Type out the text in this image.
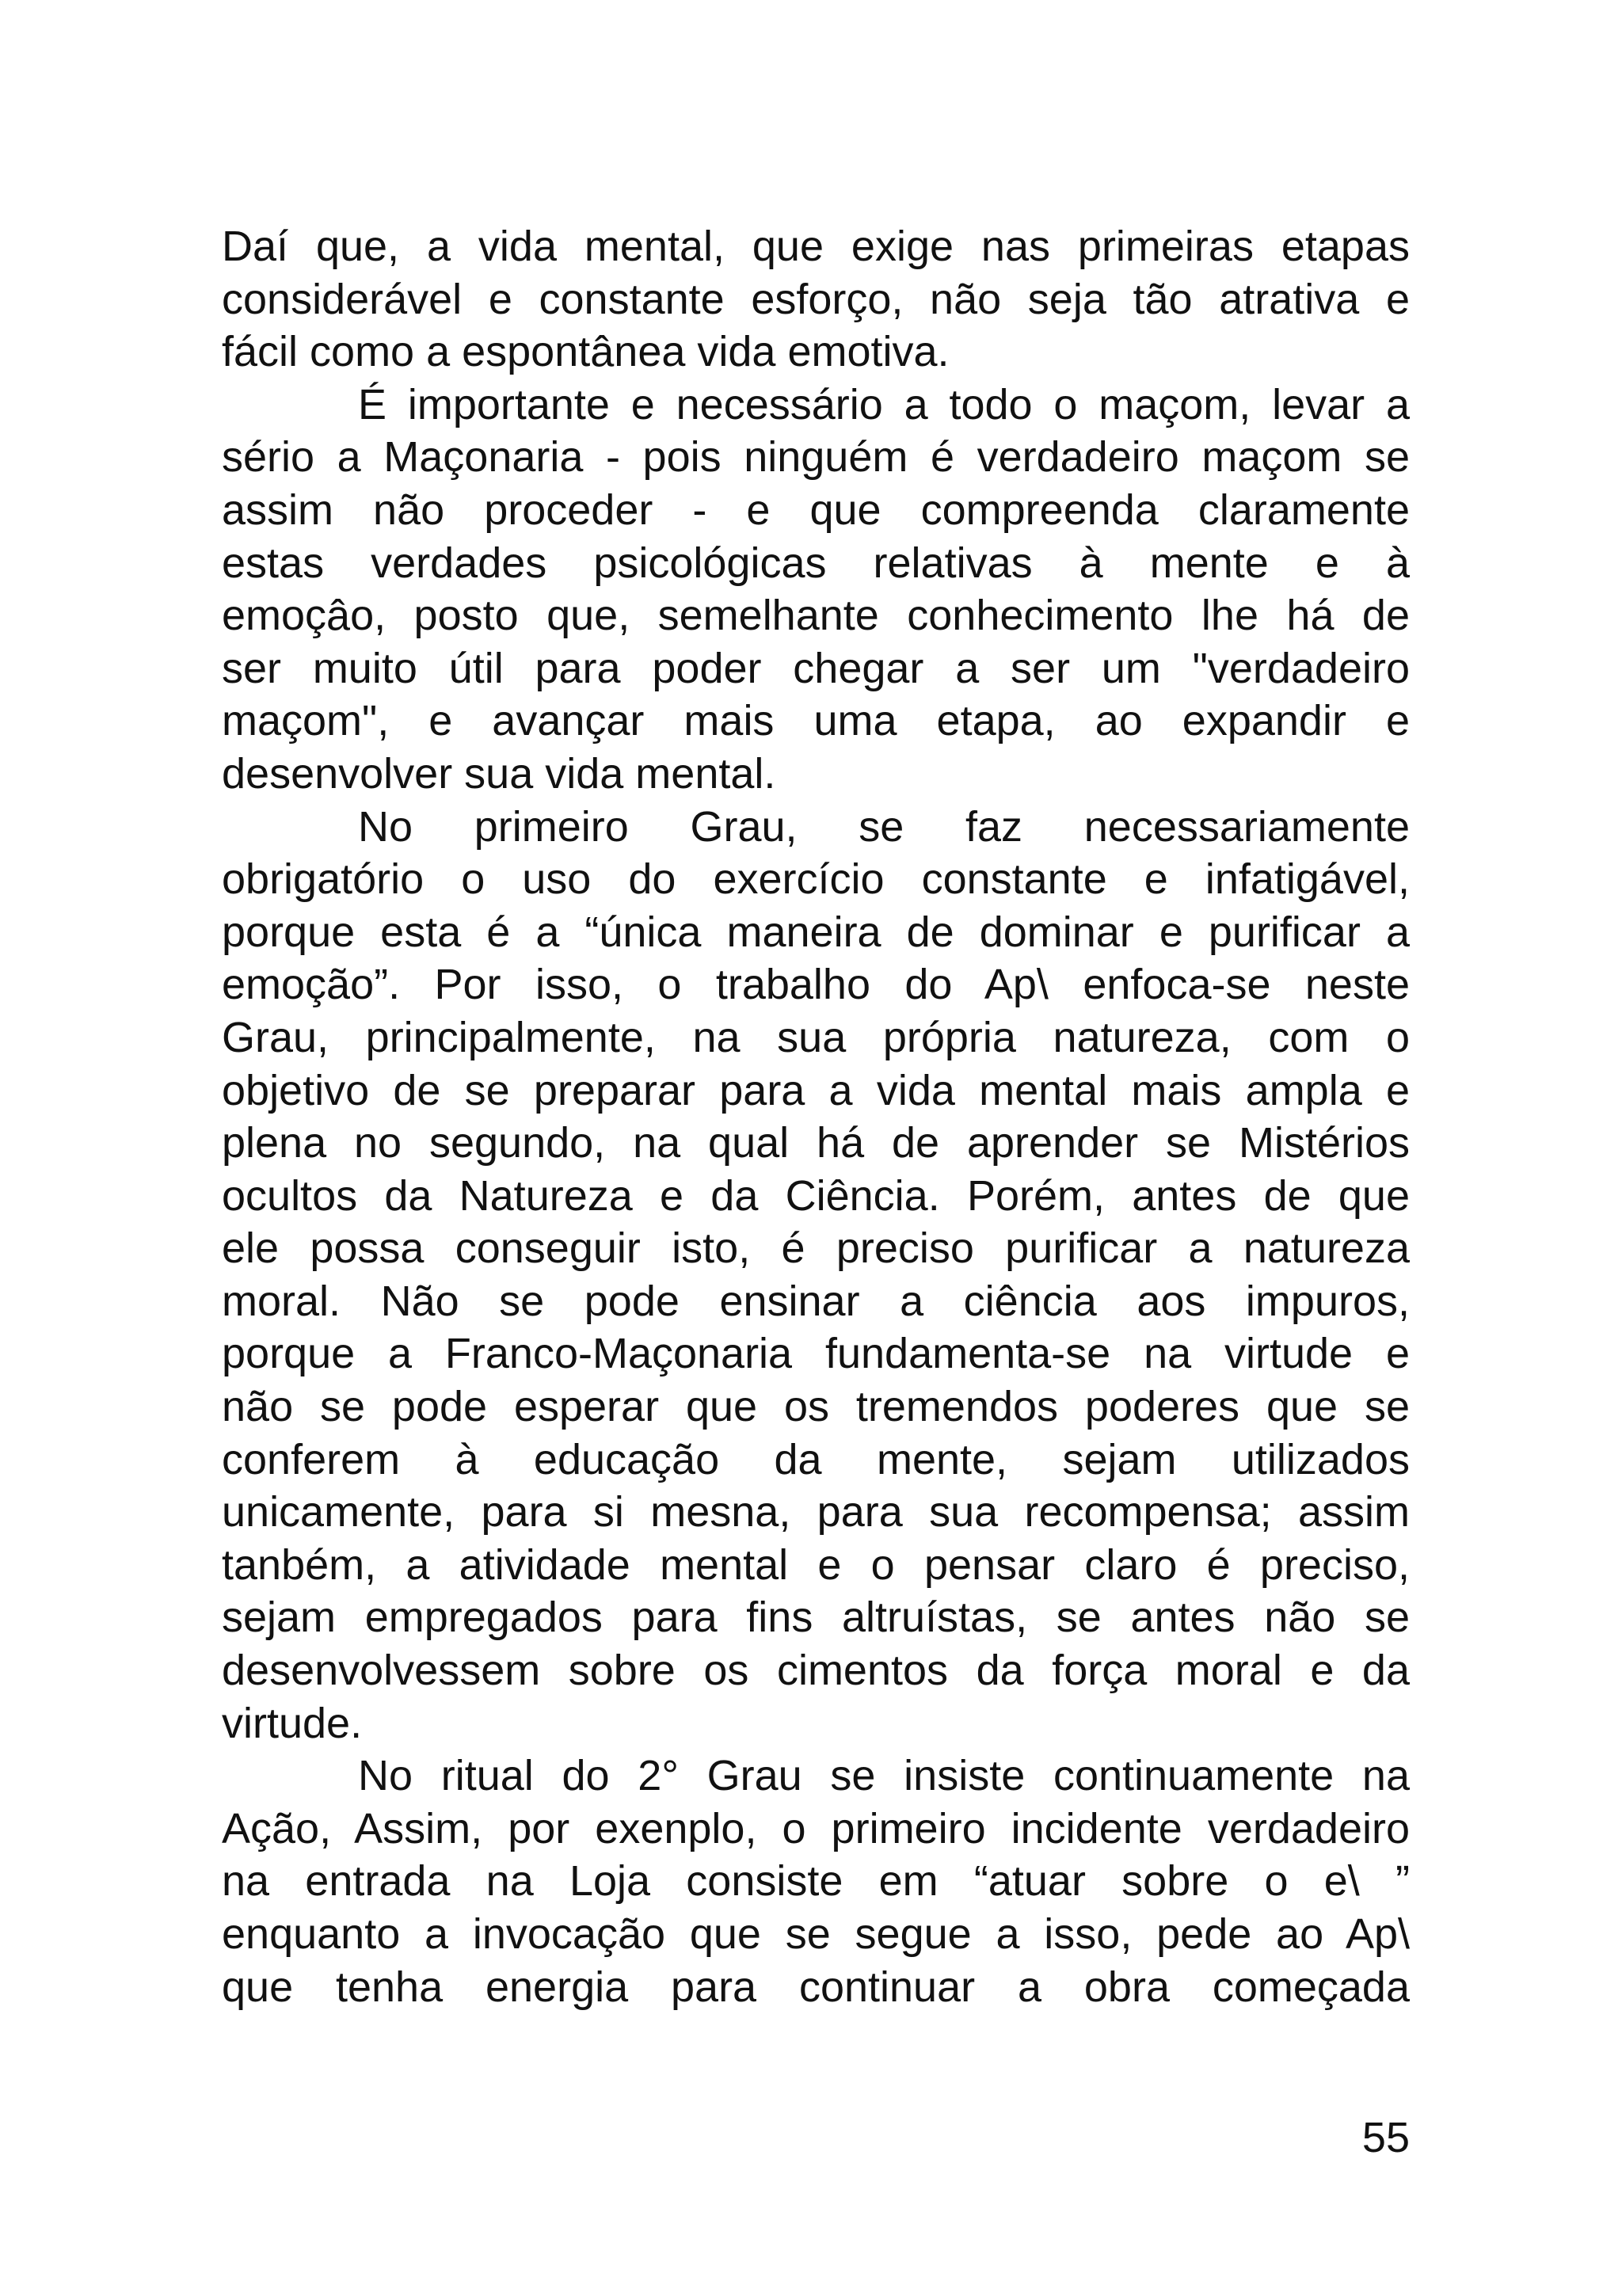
Daí que, a vida mental, que exige nas primeiras etapas
considerável e constante esforço, não seja tão atrativa e
fácil como a espontânea vida emotiva.
É importante e necessário a todo o maçom, levar a
sério a Maçonaria - pois ninguém é verdadeiro maçom se
assim não proceder - e que compreenda claramente
estas verdades psicológicas relativas à mente e à
emoçâo, posto que, semelhante conhecimento lhe há de
ser muito útil para poder chegar a ser um "verdadeiro
maçom", e avançar mais uma etapa, ao expandir e
desenvolver sua vida mental.
No primeiro Grau, se faz necessariamente
obrigatório o uso do exercício constante e infatigável,
porque esta é a “única maneira de dominar e purificar a
emoção”. Por isso, o trabalho do Ap\ enfoca-se neste
Grau, principalmente, na sua própria natureza, com o
objetivo de se preparar para a vida mental mais ampla e
plena no segundo, na qual há de aprender se Mistérios
ocultos da Natureza e da Ciência. Porém, antes de que
ele possa conseguir isto, é preciso purificar a natureza
moral. Não se pode ensinar a ciência aos impuros,
porque a Franco-Maçonaria fundamenta-se na virtude e
não se pode esperar que os tremendos poderes que se
conferem à educação da mente, sejam utilizados
unicamente, para si mesna, para sua recompensa; assim
tanbém, a atividade mental e o pensar claro é preciso,
sejam empregados para fins altruístas, se antes não se
desenvolvessem sobre os cimentos da força moral e da
virtude.
No ritual do 2° Grau se insiste continuamente na
Ação, Assim, por exenplo, o primeiro incidente verdadeiro
na entrada na Loja consiste em “atuar sobre o e\ ”
enquanto a invocação que se segue a isso, pede ao Ap\
que tenha energia para continuar a obra começada
55
